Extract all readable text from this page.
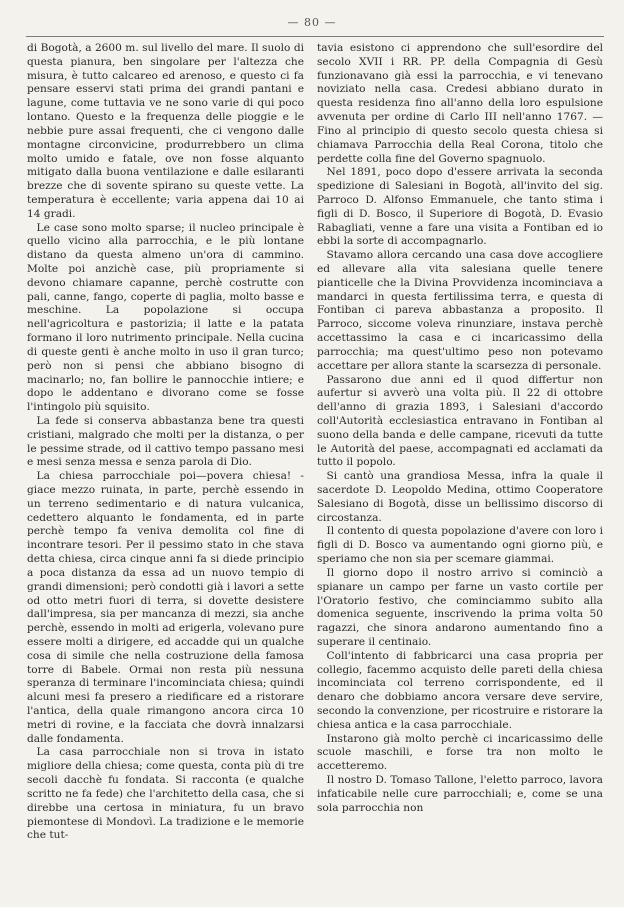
— 80 —

di Bogotà, a 2600 m. sul livello del mare. Il suolo di questa pianura, ben singolare per l'altezza che misura, è tutto calcareo ed arenoso, e questo ci fa pensare esservi stati prima dei grandi pantani e lagune, come tuttavia ve ne sono varie di qui poco lontano. Questo e la frequenza delle pioggie e le nebbie pure assai frequenti, che ci vengono dalle montagne circonvicine, produrrebbero un clima molto umido e fatale, ove non fosse alquanto mitigato dalla buona ventilazione e dalle esilaranti brezze che di sovente spirano su queste vette. La temperatura è eccellente; varia appena dai 10 ai 14 gradi.

Le case sono molto sparse; il nucleo principale è quello vicino alla parrocchia, e le più lontane distano da questa almeno un'ora di cammino. Molte poi anzichè case, più propriamente si devono chiamare capanne, perchè costrutte con pali, canne, fango, coperte di paglia, molto basse e meschine. La popolazione si occupa nell'agricoltura e pastorizia; il latte e la patata formano il loro nutrimento principale. Nella cucina di queste genti è anche molto in uso il gran turco; però non si pensi che abbiano bisogno di macinarlo; no, fan bollire le pannocchie intiere; e dopo le addentano e divorano come se fosse l'intingolo più squisito.

La fede si conserva abbastanza bene tra questi cristiani, malgrado che molti per la distanza, o per le pessime strade, od il cattivo tempo passano mesi e mesi senza messa e senza parola di Dio.

La chiesa parrocchiale poi—povera chiesa! - giace mezzo ruinata, in parte, perchè essendo in un terreno sedimentario e di natura vulcanica, cedettero alquanto le fondamenta, ed in parte perchè tempo fa veniva demolita col fine di incontrare tesori. Per il pessimo stato in che stava detta chiesa, circa cinque anni fa si diede principio a poca distanza da essa ad un nuovo tempio di grandi dimensioni; però condotti già i lavori a sette od otto metri fuori di terra, si dovette desistere dall'impresa, sia per mancanza di mezzi, sia anche perchè, essendo in molti ad erigerla, volevano pure essere molti a dirigere, ed accadde qui un qualche cosa di simile che nella costruzione della famosa torre di Babele. Ormai non resta più nessuna speranza di terminare l'incominciata chiesa; quindi alcuni mesi fa presero a riedificare ed a ristorare l'antica, della quale rimangono ancora circa 10 metri di rovine, e la facciata che dovrà innalzarsi dalle fondamenta.

La casa parrocchiale non si trova in istato migliore della chiesa; come questa, conta più di tre secoli dacchè fu fondata. Si racconta (e qualche scritto ne fa fede) che l'architetto della casa, che si direbbe una certosa in miniatura, fu un bravo piemontese di Mondovì. La tradizione e le memorie che tut-

tavia esistono ci apprendono che sull'esordire del secolo XVII i RR. PP. della Compagnia di Gesù funzionavano già essi la parrocchia, e vi tenevano noviziato nella casa. Credesi abbiano durato in questa residenza fino all'anno della loro espulsione avvenuta per ordine di Carlo III nell'anno 1767. — Fino al principio di questo secolo questa chiesa si chiamava Parrocchia della Real Corona, titolo che perdette colla fine del Governo spagnuolo.

Nel 1891, poco dopo d'essere arrivata la seconda spedizione di Salesiani in Bogotà, all'invito del sig. Parroco D. Alfonso Emmanuele, che tanto stima i figli di D. Bosco, il Superiore di Bogotà, D. Evasio Rabagliati, venne a fare una visita a Fontiban ed io ebbi la sorte di accompagnarlo.

Stavamo allora cercando una casa dove accogliere ed allevare alla vita salesiana quelle tenere pianticelle che la Divina Provvidenza incominciava a mandarci in questa fertilissima terra, e questa di Fontiban ci pareva abbastanza a proposito. Il Parroco, siccome voleva rinunziare, instava perchè accettassimo la casa e ci incaricassimo della parrocchia; ma quest'ultimo peso non potevamo accettare per allora stante la scarsezza di personale.

Passarono due anni ed il quod differtur non aufertur si avverò una volta più. Il 22 di ottobre dell'anno di grazia 1893, i Salesiani d'accordo coll'Autorità ecclesiastica entravano in Fontiban al suono della banda e delle campane, ricevuti da tutte le Autorità del paese, accompagnati ed acclamati da tutto il popolo.

Si cantò una grandiosa Messa, infra la quale il sacerdote D. Leopoldo Medina, ottimo Cooperatore Salesiano di Bogotà, disse un bellissimo discorso di circostanza.

Il contento di questa popolazione d'avere con loro i figli di D. Bosco va aumentando ogni giorno più, e speriamo che non sia per scemare giammai.

Il giorno dopo il nostro arrivo si cominciò a spianare un campo per farne un vasto cortile per l'Oratorio festivo, che cominciammo subito alla domenica seguente, inscrivendo la prima volta 50 ragazzi, che sinora andarono aumentando fino a superare il centinaio.

Coll'intento di fabbricarci una casa propria per collegio, facemmo acquisto delle pareti della chiesa incominciata col terreno corrispondente, ed il denaro che dobbiamo ancora versare deve servire, secondo la convenzione, per ricostruire e ristorare la chiesa antica e la casa parrocchiale.

Instarono già molto perchè ci incaricassimo delle scuole maschili, e forse tra non molto le accetteremo.

Il nostro D. Tomaso Tallone, l'eletto parroco, lavora infaticabile nelle cure parrocchiali; e, come se una sola parrocchia non
